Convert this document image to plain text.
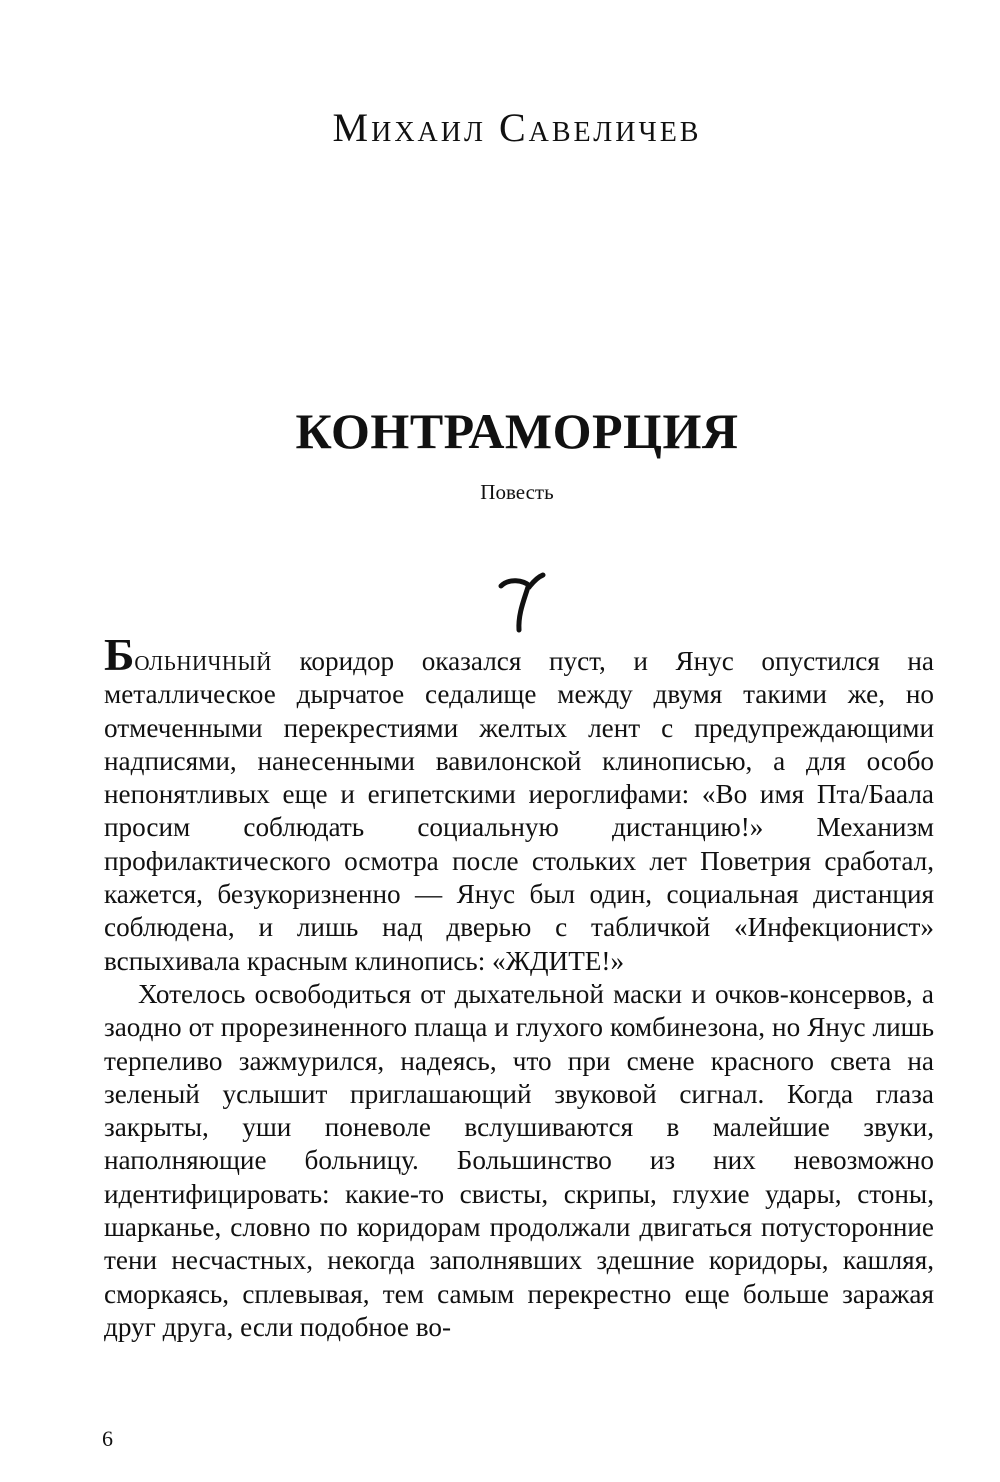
Михаил Савеличев
КОНТРАМОРЦИЯ
Повесть

Больничный коридор оказался пуст, и Янус опустился на металлическое дырчатое седалище между двумя такими же, но отмеченными перекрестиями желтых лент с предупреждающими надписями, нанесенными вавилонской клинописью, а для особо непонятливых еще и египетскими иероглифами: «Во имя Пта/Баала просим соблюдать социальную дистанцию!» Механизм профилактического осмотра после стольких лет Поветрия сработал, кажется, безукоризненно — Янус был один, социальная дистанция соблюдена, и лишь над дверью с табличкой «Инфекционист» вспыхивала красным клинопись: «ЖДИТЕ!»

Хотелось освободиться от дыхательной маски и очков-консервов, а заодно от прорезиненного плаща и глухого комбинезона, но Янус лишь терпеливо зажмурился, надеясь, что при смене красного света на зеленый услышит приглашающий звуковой сигнал. Когда глаза закрыты, уши поневоле вслушиваются в малейшие звуки, наполняющие больницу. Большинство из них невозможно идентифицировать: какие-то свисты, скрипы, глухие удары, стоны, шарканье, словно по коридорам продолжали двигаться потусторонние тени несчастных, некогда заполнявших здешние коридоры, кашляя, сморкаясь, сплевывая, тем самым перекрестно еще больше заражая друг друга, если подобное во-

6
